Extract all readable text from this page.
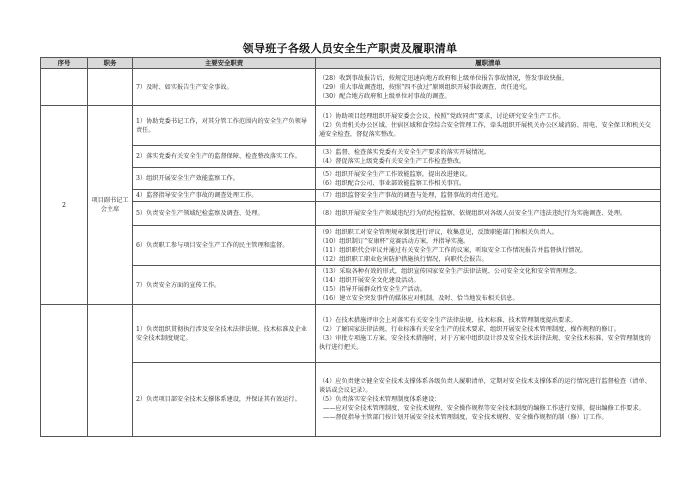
领导班子各级人员安全生产职责及履职清单
序号	职务	主要安全职责	履职清单
		7）及时、如实报告生产安全事故。	（28）收到事故报告后，按规定迅速向地方政府和上级单位报告事故情况，签发事故快报。
（29）重大事故调查组，按照“四不放过”原则组织开展事故调查、责任追究。
（30）配合地方政府和上级单位对事故的调查。

2	项目副书记工会主席	1）协助党委书记工作，对其分管工作范围内的安全生产负领导责任。	（1）协助项目经理组织开展安委会会议，按照“党政同责”要求，讨论研究安全生产工作。
（2）负责机关办公区域、住宿区域和食堂综合安全管理工作，牵头组织开展机关办公区域消防、用电、安全保卫和机关交通安全检查，督促落实整改。

		2）落实党委有关安全生产的监督保障、检查整改落实工作。	（3）监督、检查落实党委有关安全生产要求的落实开展情况。
（4）督促落实上级党委有关安全生产工作检查整改。

		3）组织开展安全生产效能监察工作。	（5）组织开展安全生产工作效能监察，提出改进建议。
（6）组织配合公司、事业部效能监察工作相关事宜。

		4）监督指导安全生产事故的调查处理工作。	（7）组织监督安全生产事故的调查与处理，监督事故的责任追究。

		5）负责安全生产领域纪检监察及调查、处理。	（8）组织开展安全生产领域违纪行为的纪检监察，依规组织对各级人员安全生产违法违纪行为实施调查、处理。

		6）负责职工参与项目安全生产工作的民主管理和监督。	（9）组织职工对安全管理规章制度进行评议，收集意见，反馈职能部门和相关负责人。
（10）组织制订“安康杯”竞赛活动方案，并指导实施。
（11）组织职代会审议并通过有关安全生产工作的议案，听取安全工作情况报告并监督执行情况。
（12）组织职工职业危害防护措施执行情况，向职代会报告。

		7）负责安全方面的宣传工作。	（13）采取各种有效的形式，组织宣传国家安全生产法律法规、公司安全文化和安全管理理念。
（14）组织开展安全文化建设活动。
（15）指导开展群众性安全生产活动。
（16）建立安全突发事件的媒体应对机制，及时、恰当地发布相关信息。

		1）负责组织贯彻执行涉及安全技术法律法规、技术标准及企业安全技术制度规定。	（1）在技术措施评审会上对落实有关安全生产法律法规、技术标准、技术管理制度提出要求。
（2）了解国家法律法规、行业标准有关安全生产的技术要求，组织开展安全技术管理制度、操作规程的修订。
（3）审批专项施工方案、安全技术措施时，对于方案中组织设计涉及安全技术法律法规、安全技术标准、安全管理制度的执行进行把关。

		2）负责项目部安全技术支撑体系建设，并保证其有效运行。	（4）应负责建立健全安全技术支撑体系各级负责人履职清单，定期对安全技术支撑体系的运行情况进行监督检查（清单、谈话或会议记录）。
（5）负责落实安全技术管理制度体系建设：
——应对安全技术管理制度、安全技术规程、安全操作规程等安全技术制度的编修工作进行安排，提出编修工作要求。
——督促指导主管部门按计划开展安全技术管理制度、安全技术规程、安全操作规程的制（修）订工作。
